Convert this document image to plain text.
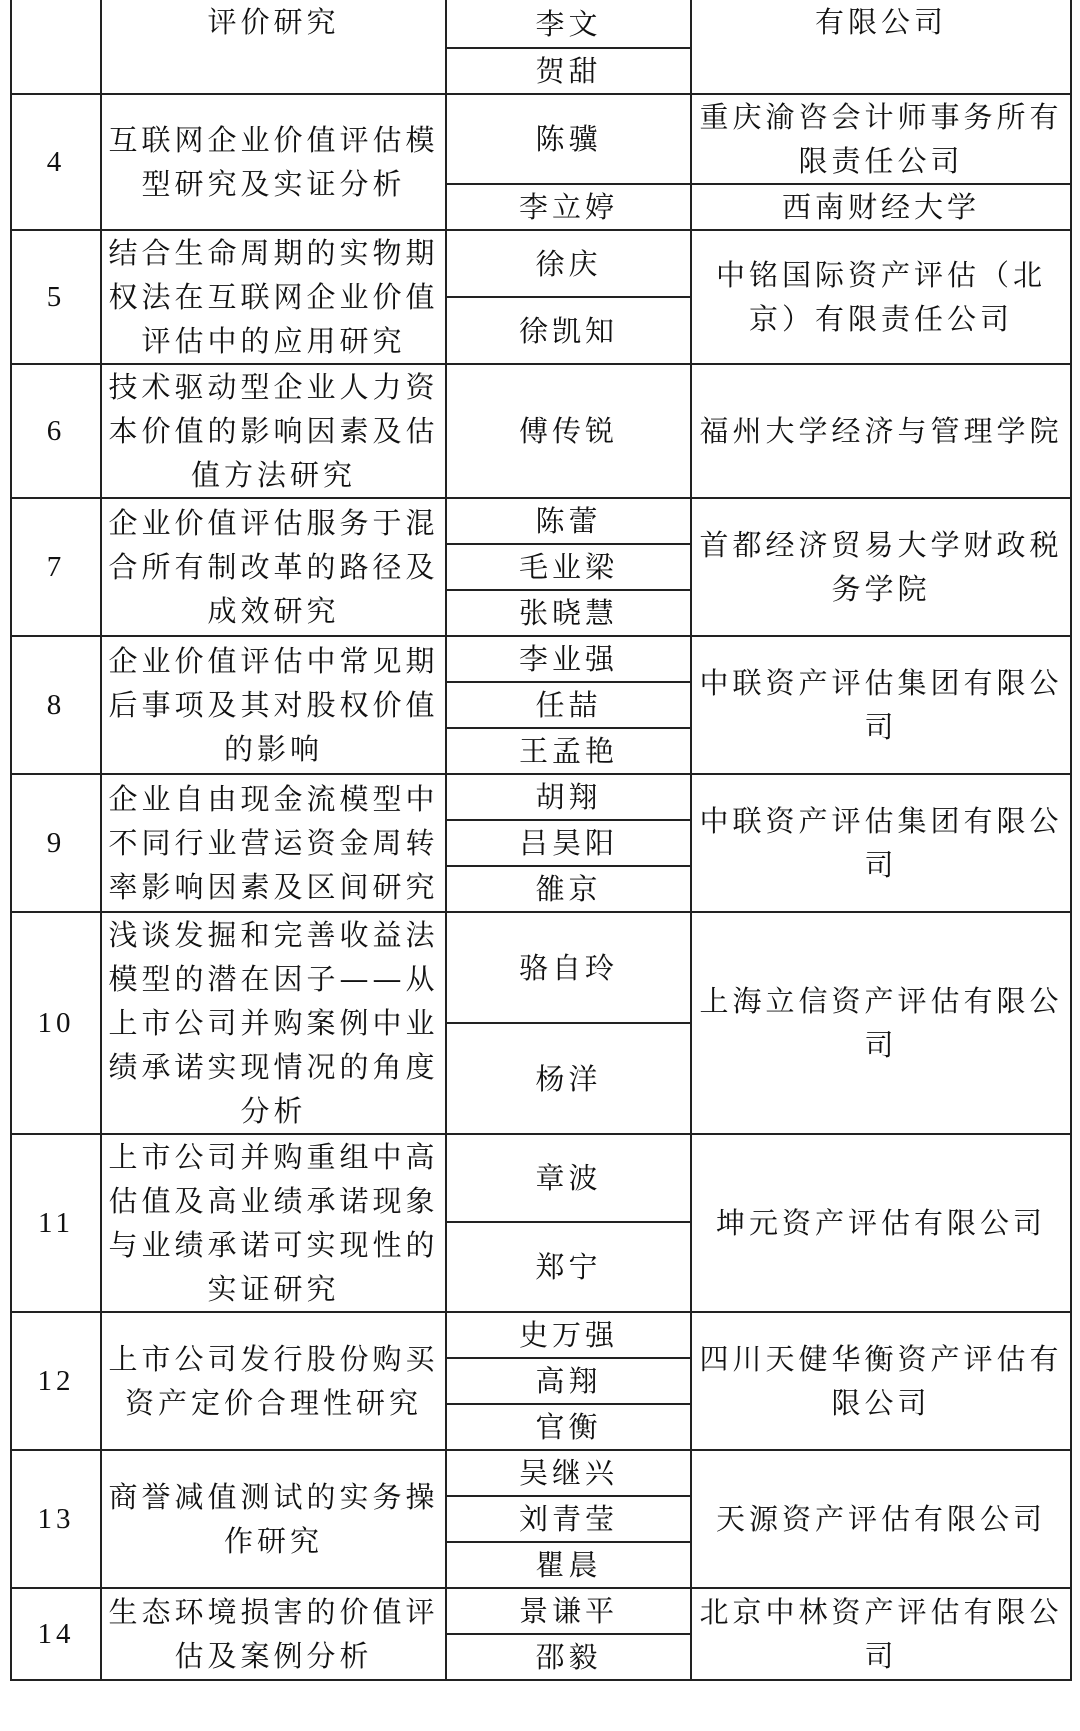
	评价研究	李文	有限公司
		贺甜	
4	互联网企业价值评估模型研究及实证分析	陈骥	重庆渝咨会计师事务所有限责任公司
		李立婷	西南财经大学
5	结合生命周期的实物期权法在互联网企业价值评估中的应用研究	徐庆	中铭国际资产评估（北京）有限责任公司
		徐凯知	
6	技术驱动型企业人力资本价值的影响因素及估值方法研究	傅传锐	福州大学经济与管理学院
7	企业价值评估服务于混合所有制改革的路径及成效研究	陈蕾	首都经济贸易大学财政税务学院
		毛业梁	
		张晓慧	
8	企业价值评估中常见期后事项及其对股权价值的影响	李业强	中联资产评估集团有限公司
		任喆	
		王孟艳	
9	企业自由现金流模型中不同行业营运资金周转率影响因素及区间研究	胡翔	中联资产评估集团有限公司
		吕昊阳	
		雒京	
10	浅谈发掘和完善收益法模型的潜在因子——从上市公司并购案例中业绩承诺实现情况的角度分析	骆自玲	上海立信资产评估有限公司
		杨洋	
11	上市公司并购重组中高估值及高业绩承诺现象与业绩承诺可实现性的实证研究	章波	坤元资产评估有限公司
		郑宁	
12	上市公司发行股份购买资产定价合理性研究	史万强	四川天健华衡资产评估有限公司
		高翔	
		官衡	
13	商誉减值测试的实务操作研究	吴继兴	天源资产评估有限公司
		刘青莹	
		瞿晨	
14	生态环境损害的价值评估及案例分析	景谦平	北京中林资产评估有限公司
		邵毅	
